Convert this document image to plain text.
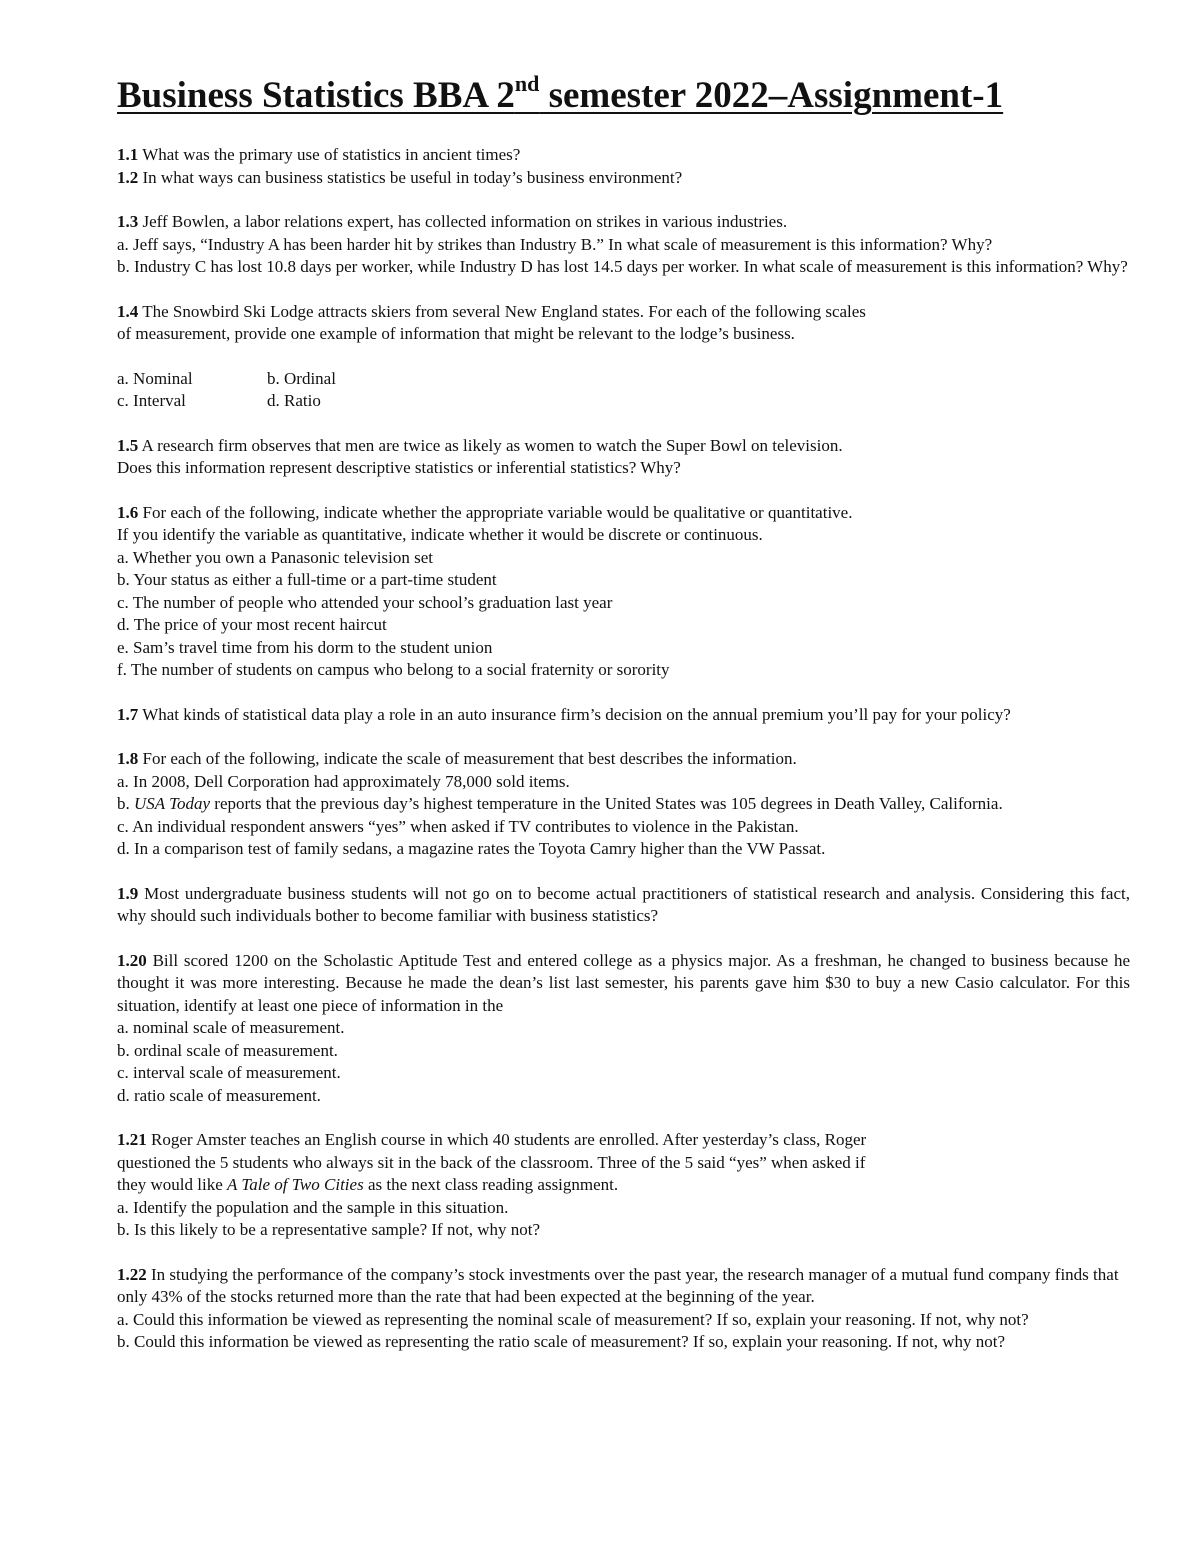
Business Statistics BBA 2nd semester 2022–Assignment-1
1.1 What was the primary use of statistics in ancient times?
1.2 In what ways can business statistics be useful in today’s business environment?
1.3 Jeff Bowlen, a labor relations expert, has collected information on strikes in various industries.
a. Jeff says, “Industry A has been harder hit by strikes than Industry B.” In what scale of measurement is this information? Why?
b. Industry C has lost 10.8 days per worker, while Industry D has lost 14.5 days per worker. In what scale of measurement is this information? Why?
1.4 The Snowbird Ski Lodge attracts skiers from several New England states. For each of the following scales
of measurement, provide one example of information that might be relevant to the lodge’s business.
a. Nominal	b. Ordinal
c. Interval	d. Ratio
1.5 A research firm observes that men are twice as likely as women to watch the Super Bowl on television.
Does this information represent descriptive statistics or inferential statistics? Why?
1.6 For each of the following, indicate whether the appropriate variable would be qualitative or quantitative.
If you identify the variable as quantitative, indicate whether it would be discrete or continuous.
a. Whether you own a Panasonic television set
b. Your status as either a full-time or a part-time student
c. The number of people who attended your school’s graduation last year
d. The price of your most recent haircut
e. Sam’s travel time from his dorm to the student union
f. The number of students on campus who belong to a social fraternity or sorority
1.7 What kinds of statistical data play a role in an auto insurance firm’s decision on the annual premium you’ll pay for your policy?
1.8 For each of the following, indicate the scale of measurement that best describes the information.
a. In 2008, Dell Corporation had approximately 78,000 sold items.
b. USA Today reports that the previous day’s highest temperature in the United States was 105 degrees in Death Valley, California.
c. An individual respondent answers “yes” when asked if TV contributes to violence in the Pakistan.
d. In a comparison test of family sedans, a magazine rates the Toyota Camry higher than the VW Passat.
1.9 Most undergraduate business students will not go on to become actual practitioners of statistical research and analysis. Considering this fact, why should such individuals bother to become familiar with business statistics?
1.20 Bill scored 1200 on the Scholastic Aptitude Test and entered college as a physics major. As a freshman, he changed to business because he thought it was more interesting. Because he made the dean’s list last semester, his parents gave him $30 to buy a new Casio calculator. For this situation, identify at least one piece of information in the
a. nominal scale of measurement.
b. ordinal scale of measurement.
c. interval scale of measurement.
d. ratio scale of measurement.
1.21 Roger Amster teaches an English course in which 40 students are enrolled. After yesterday’s class, Roger
questioned the 5 students who always sit in the back of the classroom. Three of the 5 said “yes” when asked if
they would like A Tale of Two Cities as the next class reading assignment.
a. Identify the population and the sample in this situation.
b. Is this likely to be a representative sample? If not, why not?
1.22 In studying the performance of the company’s stock investments over the past year, the research manager of a mutual fund company finds that only 43% of the stocks returned more than the rate that had been expected at the beginning of the year.
a. Could this information be viewed as representing the nominal scale of measurement? If so, explain your reasoning. If not, why not?
b. Could this information be viewed as representing the ratio scale of measurement? If so, explain your reasoning. If not, why not?
